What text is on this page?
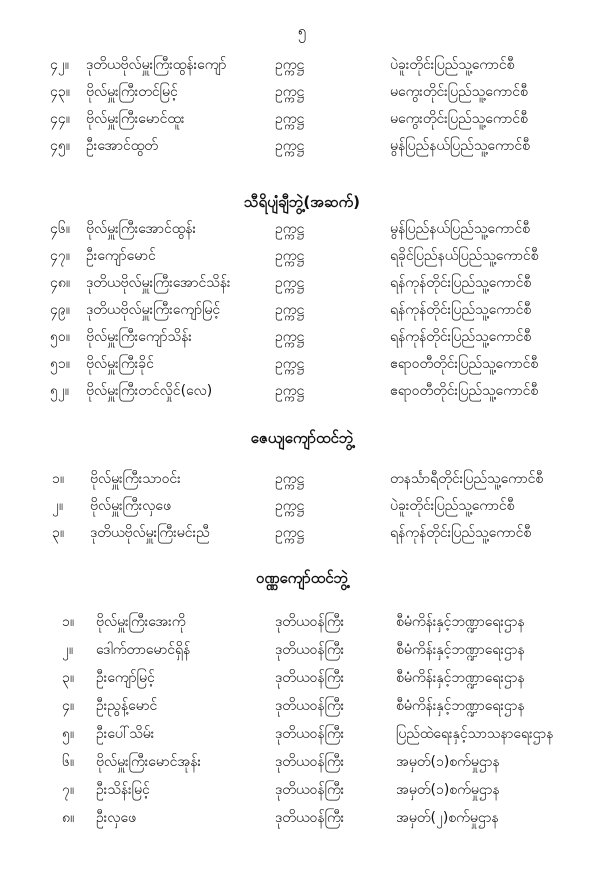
၅
၄၂။	ဒုတိယဗိုလ်မှူးကြီးထွန်းကျော်	ဥက္ကဋ္ဌ	ပဲခူးတိုင်းပြည်သူ့ကောင်စီ
၄၃။	ဗိုလ်မှူးကြီးတင်မြင့်	ဥက္ကဋ္ဌ	မကွေးတိုင်းပြည်သူ့ကောင်စီ
၄၄။	ဗိုလ်မှူးကြီးမောင်ထူး	ဥက္ကဋ္ဌ	မကွေးတိုင်းပြည်သူ့ကောင်စီ
၄၅။	ဦးအောင်ထွတ်	ဥက္ကဋ္ဌ	မွန်ပြည်နယ်ပြည်သူ့ကောင်စီ
သီရိပျံချီဘွဲ့(အဆက်)
၄၆။	ဗိုလ်မှူးကြီးအောင်ထွန်း	ဥက္ကဋ္ဌ	မွန်ပြည်နယ်ပြည်သူ့ကောင်စီ
၄၇။	ဦးကျော်မောင်	ဥက္ကဋ္ဌ	ရခိုင်ပြည်နယ်ပြည်သူ့ကောင်စီ
၄၈။	ဒုတိယဗိုလ်မှူးကြီးအောင်သိန်း	ဥက္ကဋ္ဌ	ရန်ကုန်တိုင်းပြည်သူ့ကောင်စီ
၄၉။	ဒုတိယဗိုလ်မှူးကြီးကျော်မြင့်	ဥက္ကဋ္ဌ	ရန်ကုန်တိုင်းပြည်သူ့ကောင်စီ
၅၀။	ဗိုလ်မှူးကြီးကျော်သိန်း	ဥက္ကဋ္ဌ	ရန်ကုန်တိုင်းပြည်သူ့ကောင်စီ
၅၁။	ဗိုလ်မှူးကြီးခိုင်	ဥက္ကဋ္ဌ	ဧရာဝတီတိုင်းပြည်သူ့ကောင်စီ
၅၂။	ဗိုလ်မှူးကြီးတင်လှိုင်(လေ)	ဥက္ကဋ္ဌ	ဧရာဝတီတိုင်းပြည်သူ့ကောင်စီ
ဇေယျကျော်ထင်ဘွဲ့
၁။	ဗိုလ်မှူးကြီးသာဝင်း	ဥက္ကဋ္ဌ	တနင်္သာရီတိုင်းပြည်သူ့ကောင်စီ
၂။	ဗိုလ်မှူးကြီးလှဖေ	ဥက္ကဋ္ဌ	ပဲခူးတိုင်းပြည်သူ့ကောင်စီ
၃။	ဒုတိယဗိုလ်မှူးကြီးမင်းညီ	ဥက္ကဋ္ဌ	ရန်ကုန်တိုင်းပြည်သူ့ကောင်စီ
ဝဏ္ဏကျော်ထင်ဘွဲ့
၁။	ဗိုလ်မှူးကြီးအေးကို	ဒုတိယဝန်ကြီး	စီမံကိန်းနှင့်ဘဏ္ဍာရေးဌာန
၂။	ဒေါက်တာမောင်ရှိန်	ဒုတိယဝန်ကြီး	စီမံကိန်းနှင့်ဘဏ္ဍာရေးဌာန
၃။	ဦးကျော်မြင့်	ဒုတိယဝန်ကြီး	စီမံကိန်းနှင့်ဘဏ္ဍာရေးဌာန
၄။	ဦးညွန့်မောင်	ဒုတိယဝန်ကြီး	စီမံကိန်းနှင့်ဘဏ္ဍာရေးဌာန
၅။	ဦးပေါ်သိမ်း	ဒုတိယဝန်ကြီး	ပြည်ထဲရေးနှင့်သာသနာရေးဌာန
၆။	ဗိုလ်မှူးကြီးမောင်အုန်း	ဒုတိယဝန်ကြီး	အမှတ်(၁)စက်မှုဌာန
၇။	ဦးသိန်းမြင့်	ဒုတိယဝန်ကြီး	အမှတ်(၁)စက်မှုဌာန
၈။	ဦးလှဖေ	ဒုတိယဝန်ကြီး	အမှတ်(၂)စက်မှုဌာန
